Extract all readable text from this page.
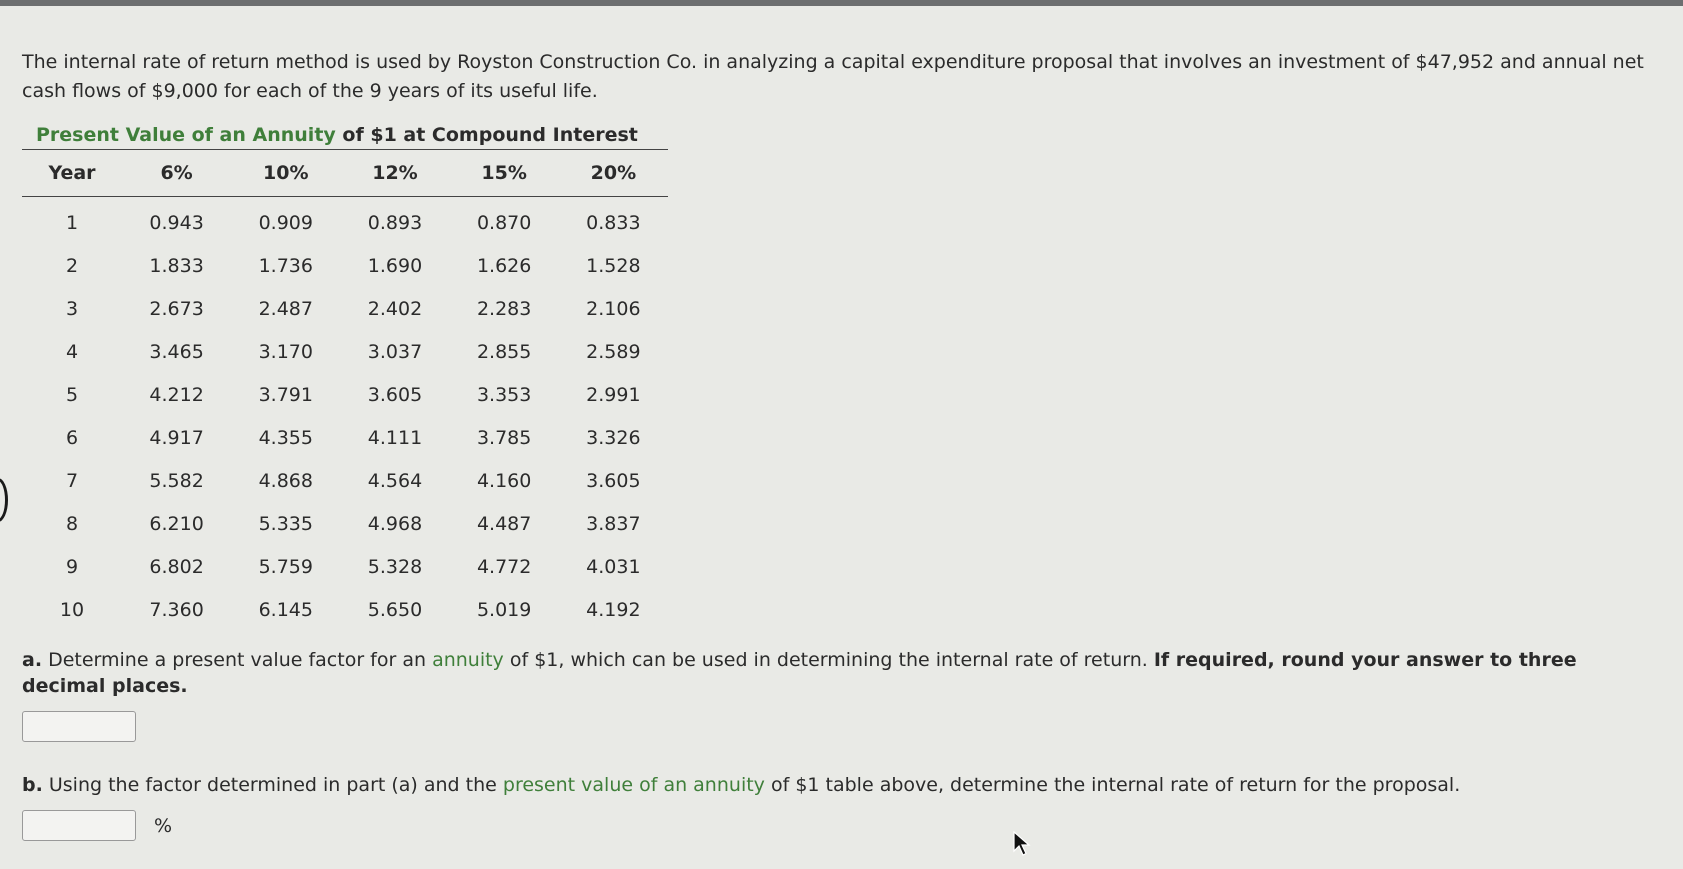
The internal rate of return method is used by Royston Construction Co. in analyzing a capital expenditure proposal that involves an investment of $47,952 and annual net cash flows of $9,000 for each of the 9 years of its useful life.

Present Value of an Annuity of $1 at Compound Interest
Year	6%	10%	12%	15%	20%
1	0.943	0.909	0.893	0.870	0.833
2	1.833	1.736	1.690	1.626	1.528
3	2.673	2.487	2.402	2.283	2.106
4	3.465	3.170	3.037	2.855	2.589
5	4.212	3.791	3.605	3.353	2.991
6	4.917	4.355	4.111	3.785	3.326
7	5.582	4.868	4.564	4.160	3.605
8	6.210	5.335	4.968	4.487	3.837
9	6.802	5.759	5.328	4.772	4.031
10	7.360	6.145	5.650	5.019	4.192

a. Determine a present value factor for an annuity of $1, which can be used in determining the internal rate of return. If required, round your answer to three decimal places.

b. Using the factor determined in part (a) and the present value of an annuity of $1 table above, determine the internal rate of return for the proposal.

%
